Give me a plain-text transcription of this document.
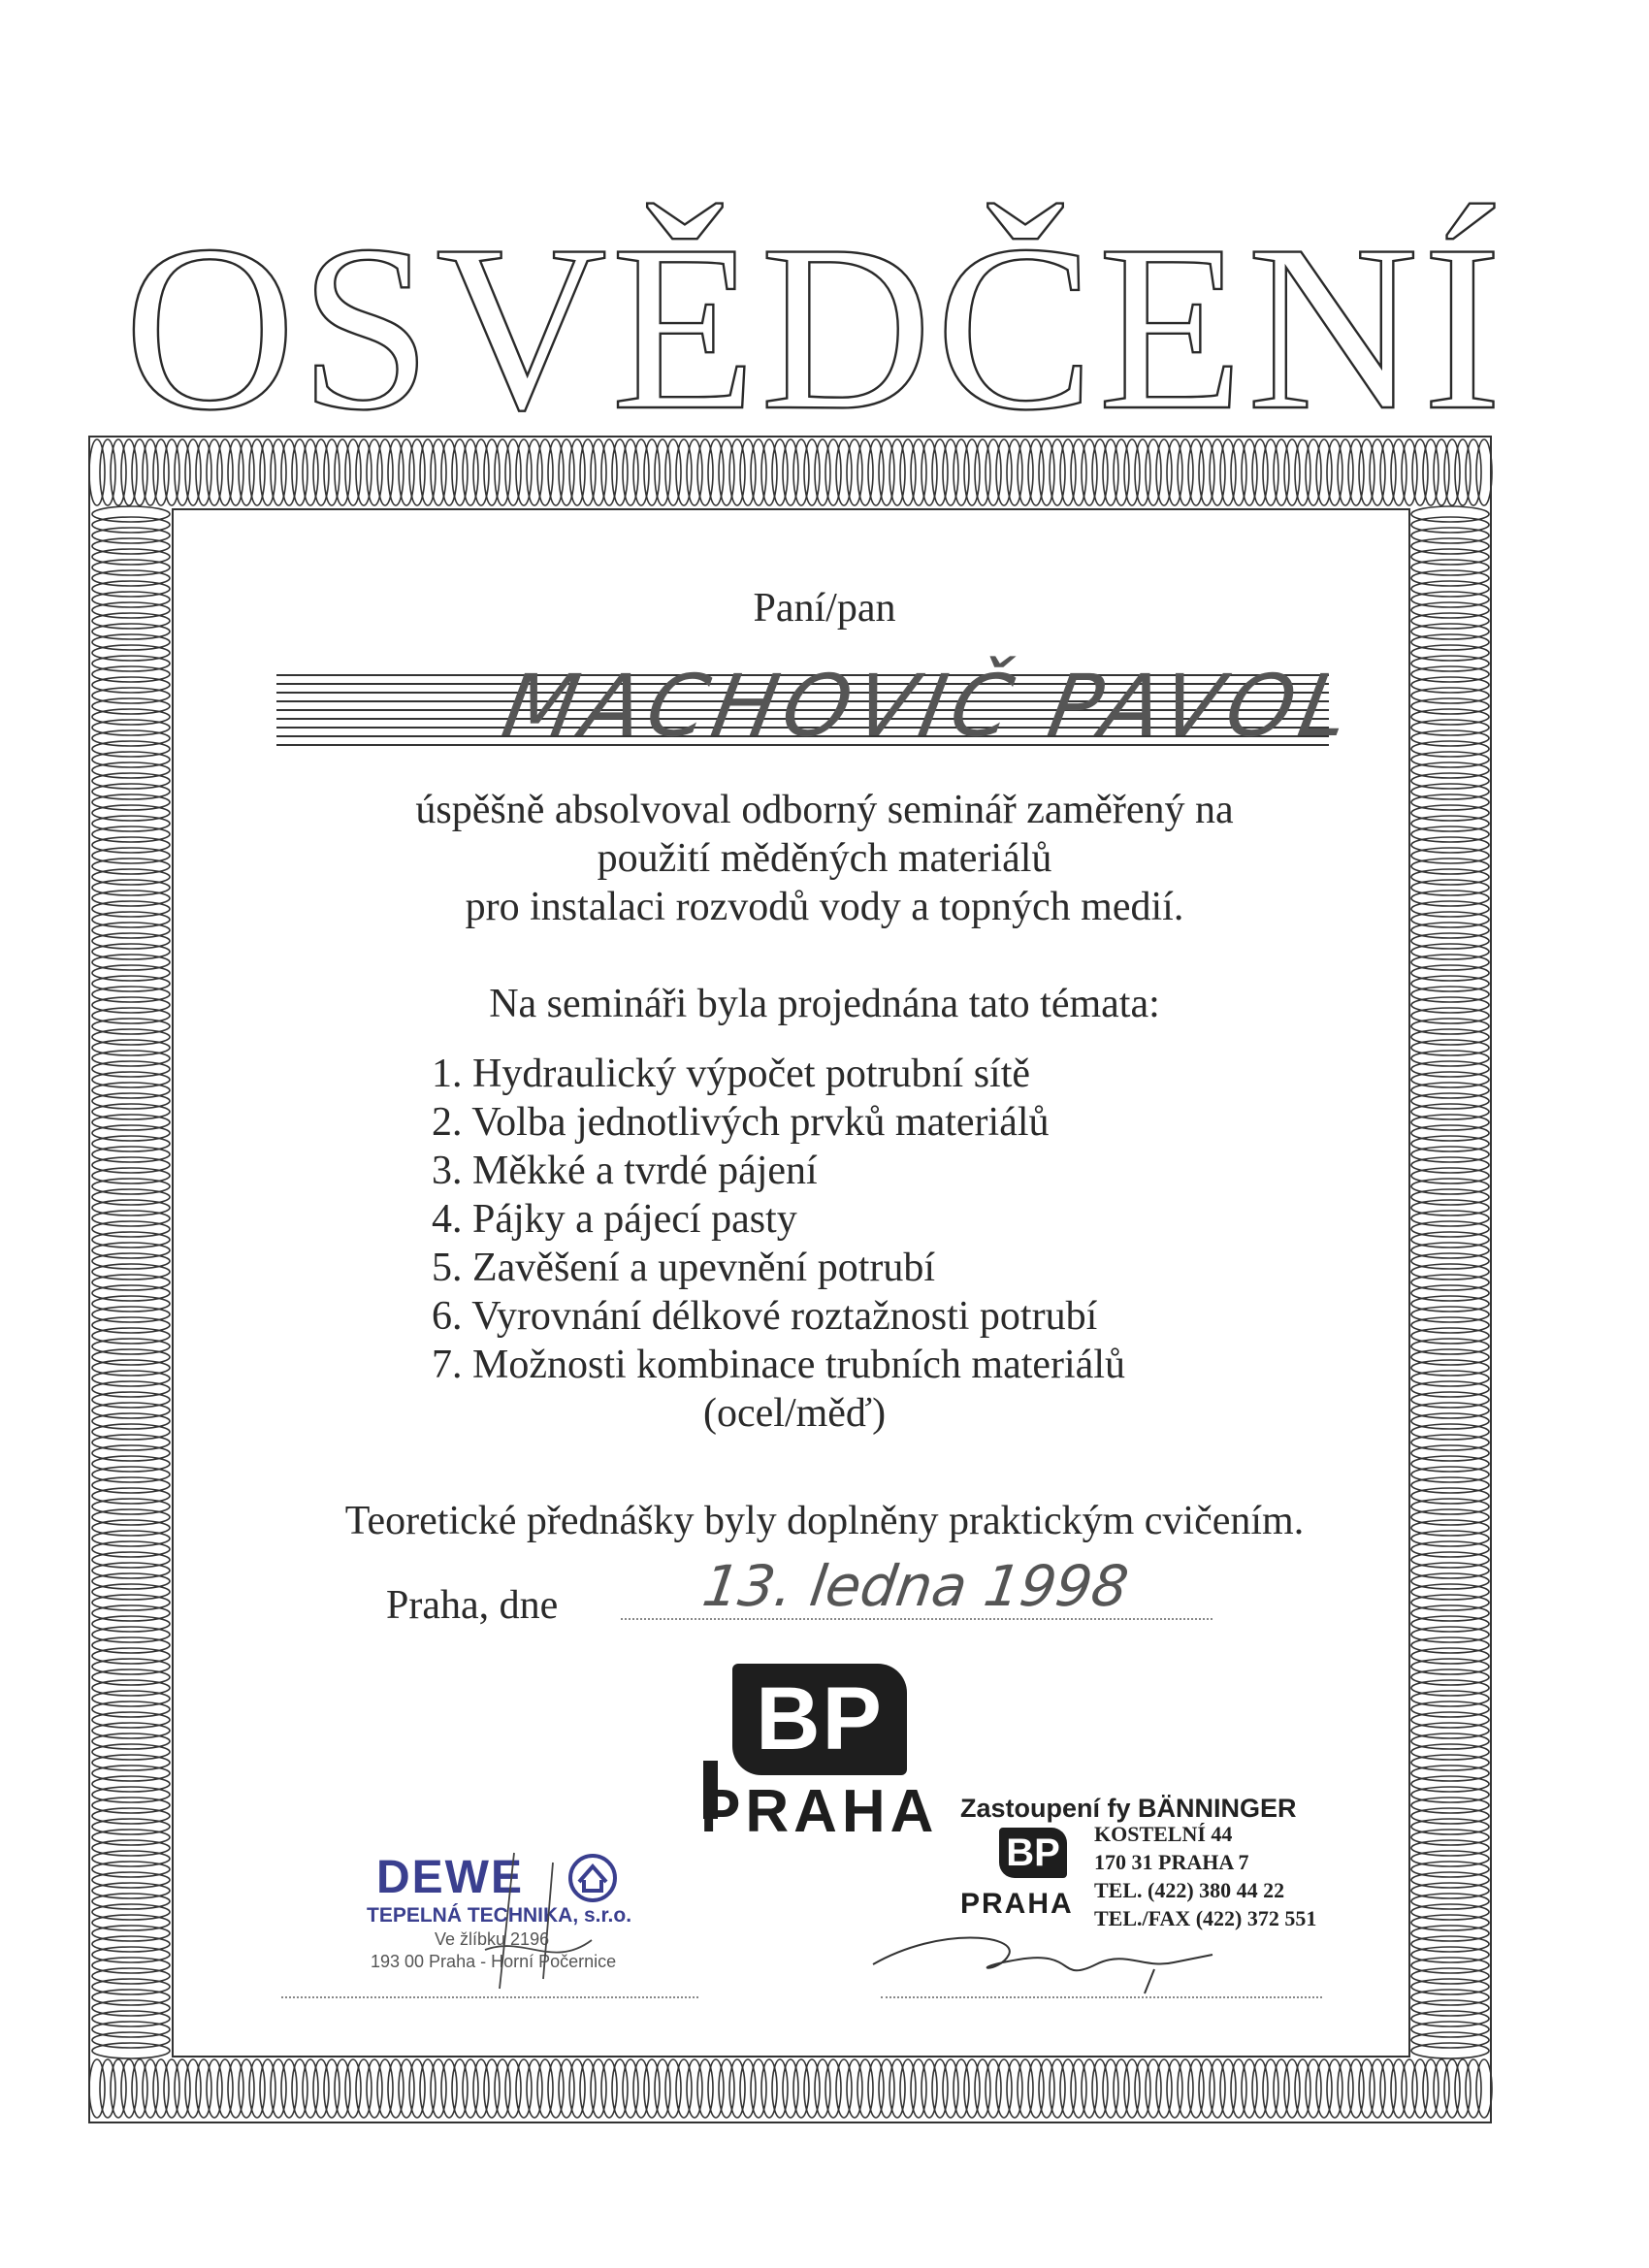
OSVĚDČENÍ
Paní/pan
MACHOVIČ PAVOL
úspěšně absolvoval odborný seminář zaměřený na
použití měděných materiálů
pro instalaci rozvodů vody a topných medií.
Na semináři byla projednána tato témata:
1. Hydraulický výpočet potrubní sítě
2. Volba jednotlivých prvků materiálů
3. Měkké a tvrdé pájení
4. Pájky a pájecí pasty
5. Zavěšení a upevnění potrubí
6. Vyrovnání délkové roztažnosti potrubí
7. Možnosti kombinace trubních materiálů
(ocel/měď)
Teoretické přednášky byly doplněny praktickým cvičením.
Praha, dne 13. ledna 1998
BP
PRAHA
DEWE
TEPELNÁ TECHNIKA, s.r.o.
Ve žlíbku 2196
193 00 Praha - Horní Počernice
Zastoupení fy BÄNNINGER
BP
PRAHA
KOSTELNÍ 44
170 31 PRAHA 7
TEL. (422) 380 44 22
TEL./FAX (422) 372 551
